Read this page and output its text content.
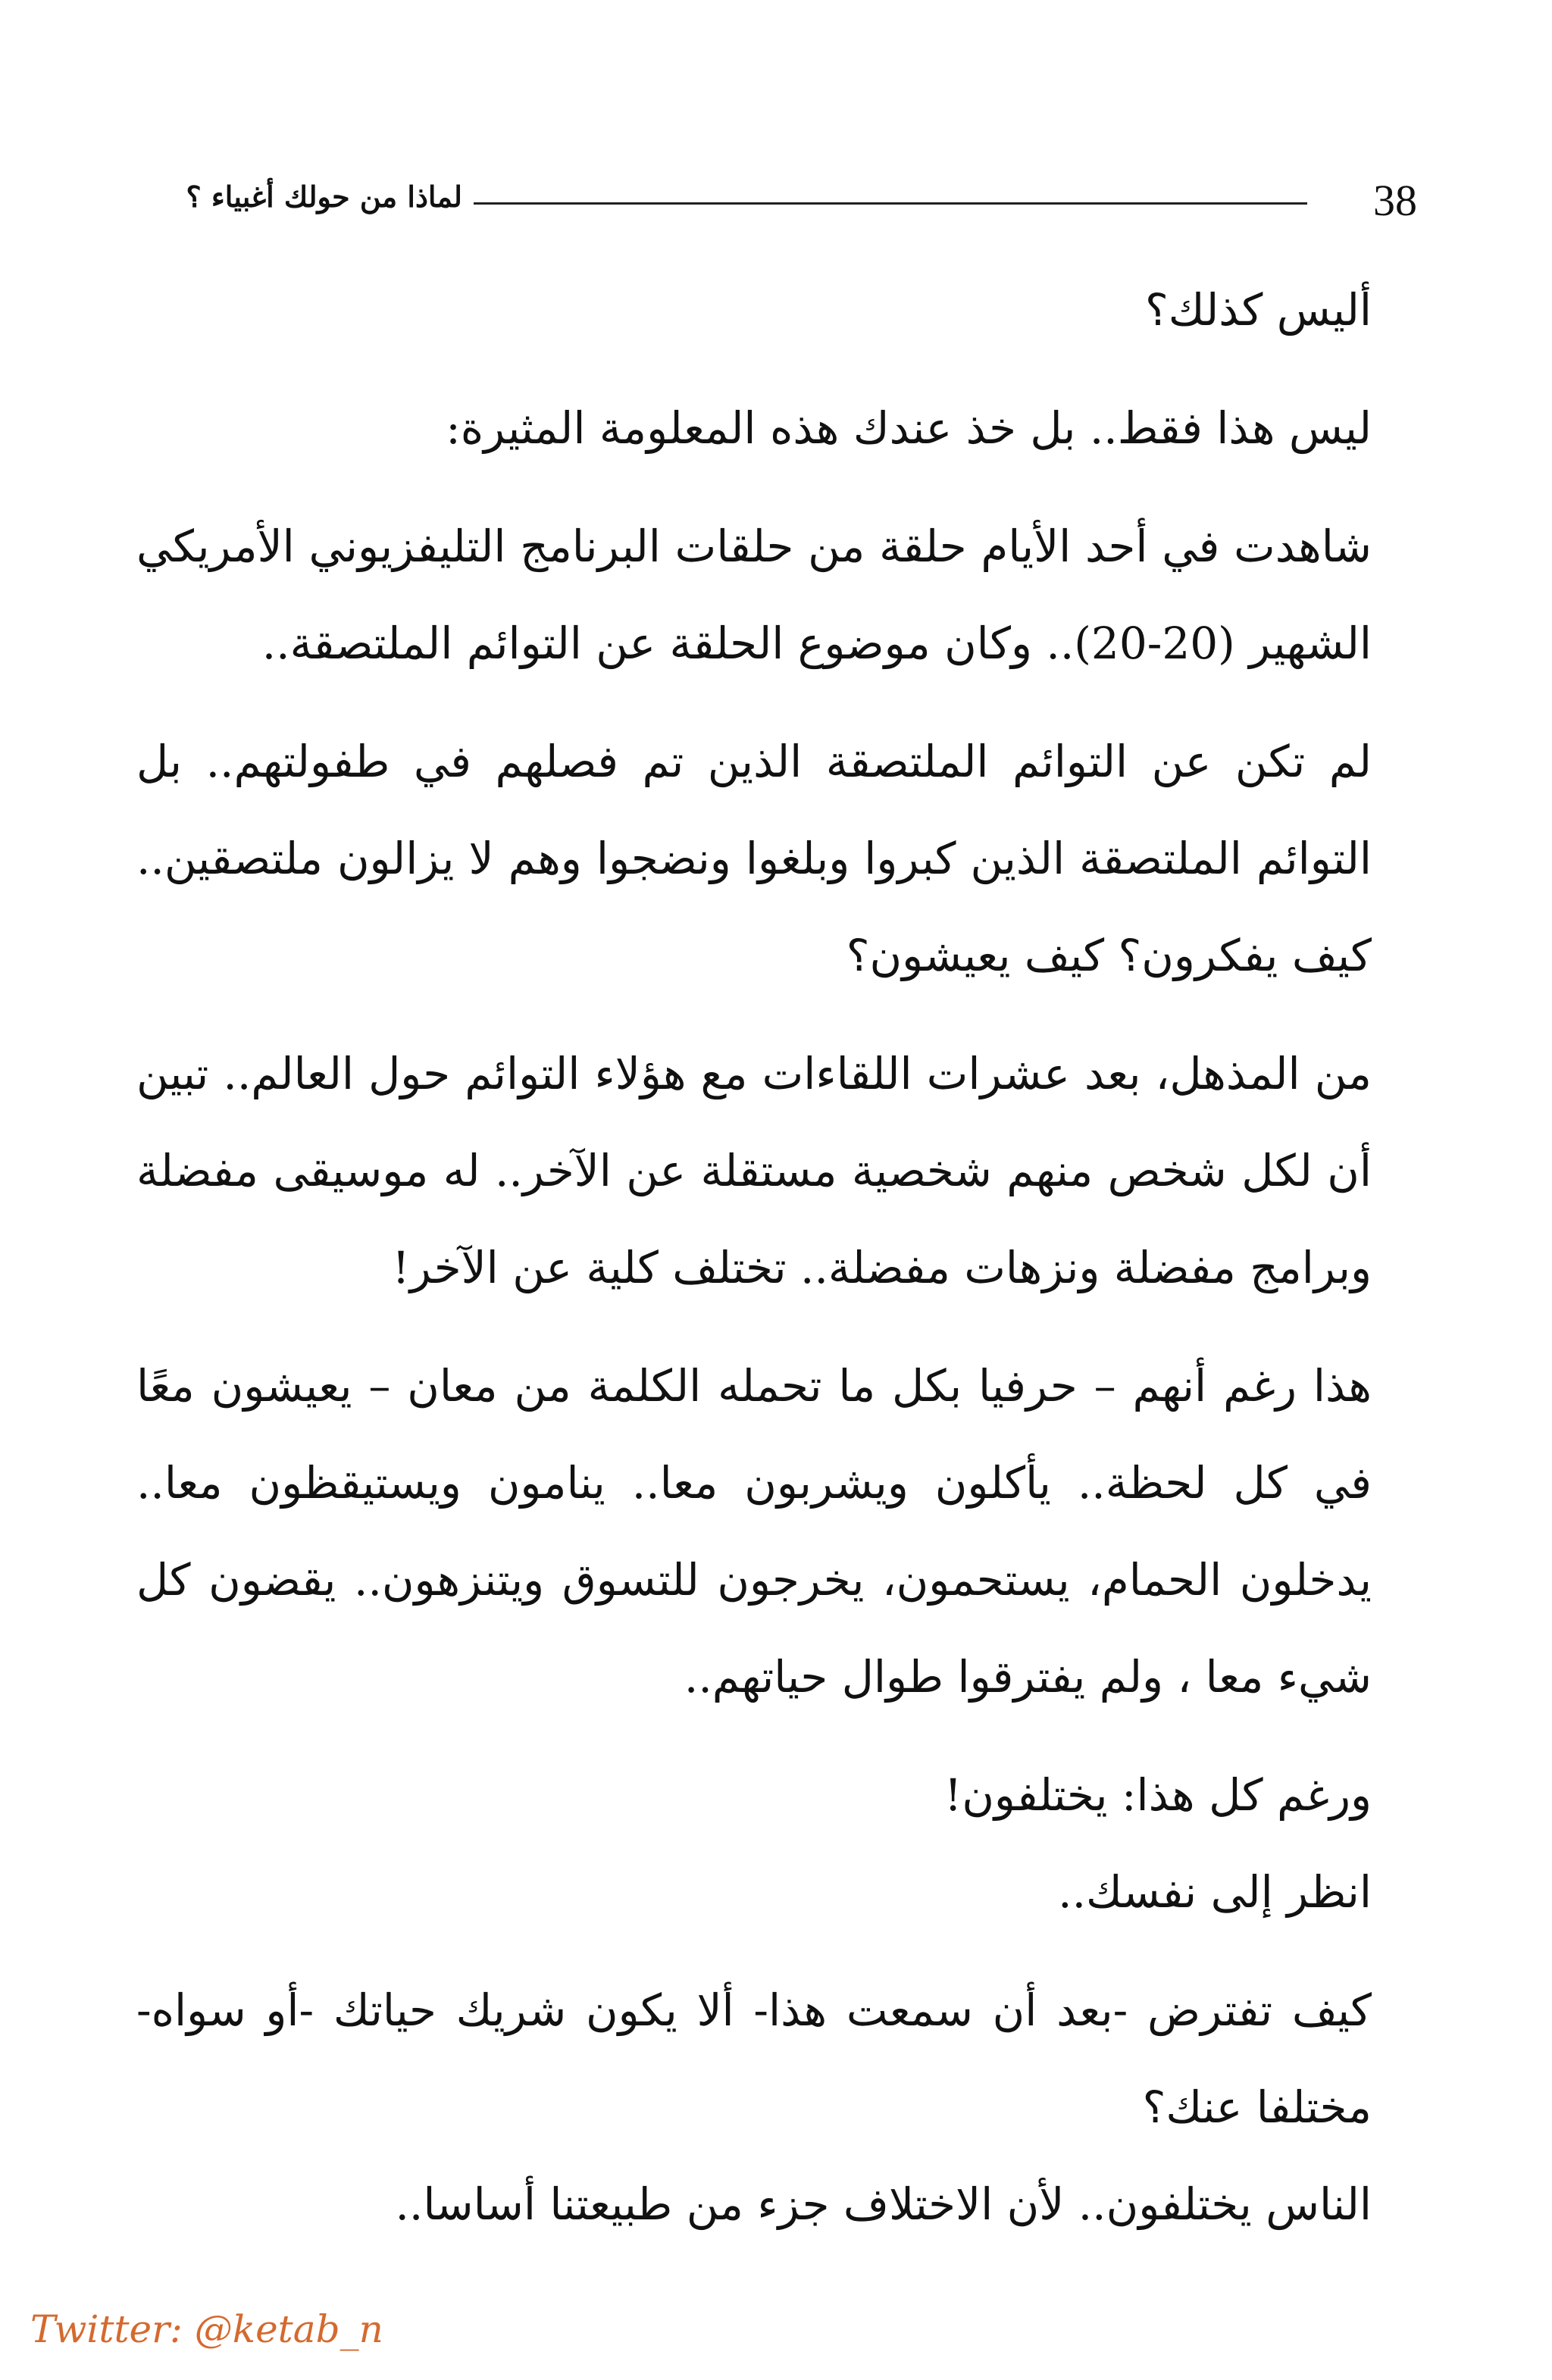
38
لماذا من حولك أغبياء ؟

أليس كذلك؟

ليس هذا فقط.. بل خذ عندك هذه المعلومة المثيرة:

شاهدت في أحد الأيام حلقة من حلقات البرنامج التليفزيوني الأمريكي الشهير (20-20).. وكان موضوع الحلقة عن التوائم الملتصقة..

لم تكن عن التوائم الملتصقة الذين تم فصلهم في طفولتهم.. بل التوائم الملتصقة الذين كبروا وبلغوا ونضجوا وهم لا يزالون ملتصقين.. كيف يفكرون؟ كيف يعيشون؟

من المذهل، بعد عشرات اللقاءات مع هؤلاء التوائم حول العالم.. تبين أن لكل شخص منهم شخصية مستقلة عن الآخر.. له موسيقى مفضلة وبرامج مفضلة ونزهات مفضلة.. تختلف كلية عن الآخر!

هذا رغم أنهم – حرفيا بكل ما تحمله الكلمة من معان – يعيشون معًا في كل لحظة.. يأكلون ويشربون معا.. ينامون ويستيقظون معا.. يدخلون الحمام، يستحمون، يخرجون للتسوق ويتنزهون.. يقضون كل شيء معا ، ولم يفترقوا طوال حياتهم..

ورغم كل هذا: يختلفون!

انظر إلى نفسك..

كيف تفترض -بعد أن سمعت هذا- ألا يكون شريك حياتك -أو سواه- مختلفا عنك؟

الناس يختلفون.. لأن الاختلاف جزء من طبيعتنا أساسا..

Twitter: @ketab_n
